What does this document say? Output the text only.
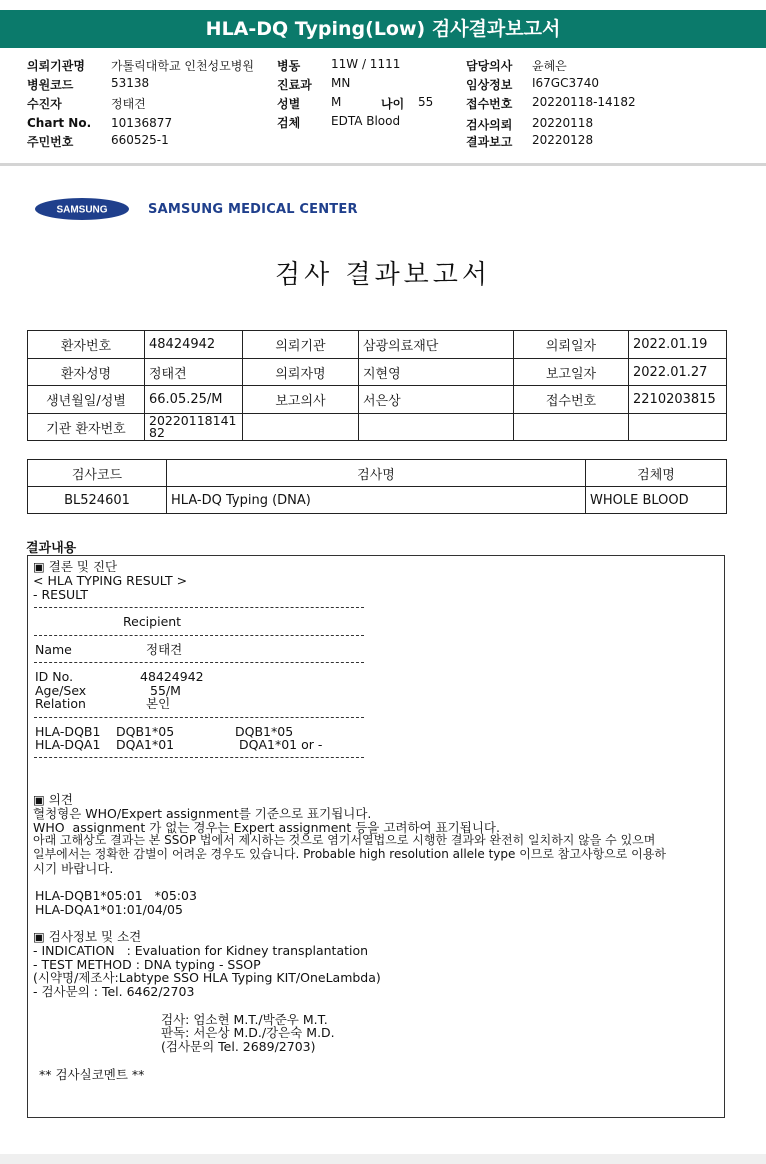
HLA-DQ Typing(Low) 검사결과보고서
의뢰기관명 가톨릭대학교 인천성모병원
병원코드	53138
수진자	정태견
Chart No. 10136877
주민번호	660525-1
병동	11W / 1111
진료과 MN
성별	M	나이 55
검체	EDTA Blood
담당의사 윤혜은
임상정보 I67GC3740
접수번호 20220118-14182
검사의뢰 20220118
결과보고 20220128
SAMSUNG	SAMSUNG MEDICAL CENTER
검사 결과보고서
환자번호	48424942	의뢰기관	삼광의료재단	의뢰일자	2022.01.19
환자성명	정태견	의뢰자명	지현영	보고일자	2022.01.27
생년월일/성별	66.05.25/M	보고의사	서은상	접수번호	2210203815
기관 환자번호	20220118141
82				
검사코드	검사명	검체명
BL524601	HLA-DQ Typing (DNA)	WHOLE BLOOD
결과내용
▣ 결론 및 진단
< HLA TYPING RESULT >
- RESULT
Recipient
Name	정태견
ID No.	48424942
Age/Sex	55/M
Relation	본인
HLA-DQB1 DQB1*05	DQB1*05
HLA-DQA1 DQA1*01	DQA1*01 or -
▣ 의견
혈청형은 WHO/Expert assignment를 기준으로 표기됩니다.
WHO  assignment 가 없는 경우는 Expert assignment 등을 고려하여 표기됩니다.
아래 고해상도 결과는 본 SSOP 법에서 제시하는 것으로 염기서열법으로 시행한 결과와 완전히 일치하지 않을 수 있으며
일부에서는 정확한 감별이 어려운 경우도 있습니다. Probable high resolution allele type 이므로 참고사항으로 이용하
시기 바랍니다.
HLA-DQB1*05:01   *05:03
HLA-DQA1*01:01/04/05
▣ 검사정보 및 소견
- INDICATION   : Evaluation for Kidney transplantation
- TEST METHOD : DNA typing - SSOP
(시약명/제조사:Labtype SSO HLA Typing KIT/OneLambda)
- 검사문의 : Tel. 6462/2703
검사: 엄소현 M.T./박준우 M.T.
판독: 서은상 M.D./강은숙 M.D.
(검사문의 Tel. 2689/2703)
** 검사실코멘트 **
